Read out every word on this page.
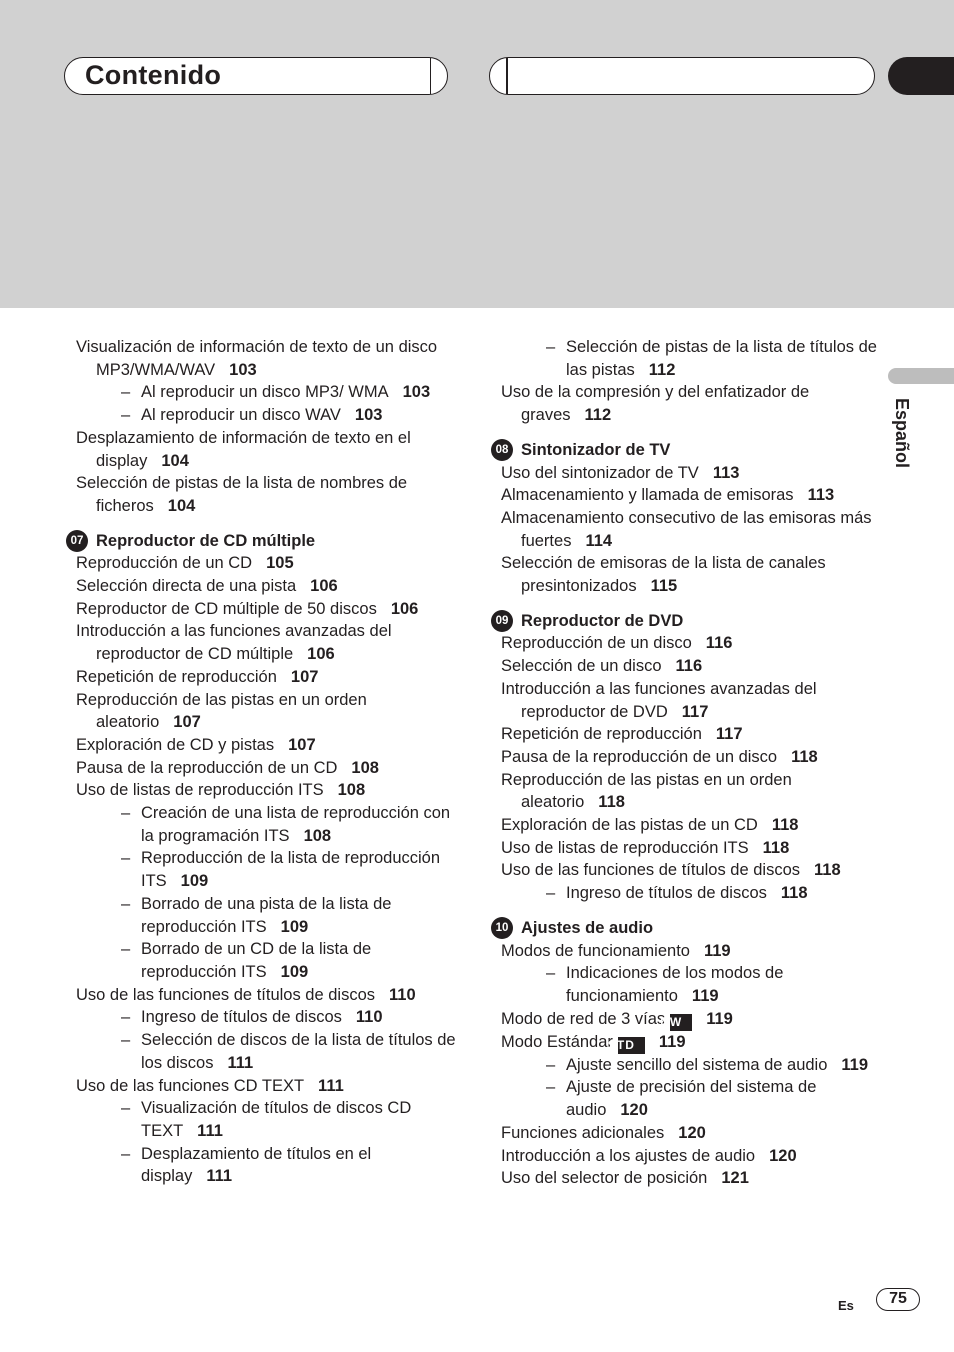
Contenido
Español
Visualización de información de texto de un disco MP3/WMA/WAV 103
– Al reproducir un disco MP3/ WMA 103
– Al reproducir un disco WAV 103
Desplazamiento de información de texto en el display 104
Selección de pistas de la lista de nombres de ficheros 104
07 Reproductor de CD múltiple
Reproducción de un CD 105
Selección directa de una pista 106
Reproductor de CD múltiple de 50 discos 106
Introducción a las funciones avanzadas del reproductor de CD múltiple 106
Repetición de reproducción 107
Reproducción de las pistas en un orden aleatorio 107
Exploración de CD y pistas 107
Pausa de la reproducción de un CD 108
Uso de listas de reproducción ITS 108
– Creación de una lista de reproducción con la programación ITS 108
– Reproducción de la lista de reproducción ITS 109
– Borrado de una pista de la lista de reproducción ITS 109
– Borrado de un CD de la lista de reproducción ITS 109
Uso de las funciones de títulos de discos 110
– Ingreso de títulos de discos 110
– Selección de discos de la lista de títulos de los discos 111
Uso de las funciones CD TEXT 111
– Visualización de títulos de discos CD TEXT 111
– Desplazamiento de títulos en el display 111
– Selección de pistas de la lista de títulos de las pistas 112
Uso de la compresión y del enfatizador de graves 112
08 Sintonizador de TV
Uso del sintonizador de TV 113
Almacenamiento y llamada de emisoras 113
Almacenamiento consecutivo de las emisoras más fuertes 114
Selección de emisoras de la lista de canales presintonizados 115
09 Reproductor de DVD
Reproducción de un disco 116
Selección de un disco 116
Introducción a las funciones avanzadas del reproductor de DVD 117
Repetición de reproducción 117
Pausa de la reproducción de un disco 118
Reproducción de las pistas en un orden aleatorio 118
Exploración de las pistas de un CD 118
Uso de listas de reproducción ITS 118
Uso de las funciones de títulos de discos 118
– Ingreso de títulos de discos 118
10 Ajustes de audio
Modos de funcionamiento 119
– Indicaciones de los modos de funcionamiento 119
Modo de red de 3 víasNW 119
Modo EstándarSTD 119
– Ajuste sencillo del sistema de audio 119
– Ajuste de precisión del sistema de audio 120
Funciones adicionales 120
Introducción a los ajustes de audio 120
Uso del selector de posición 121
Es	75
